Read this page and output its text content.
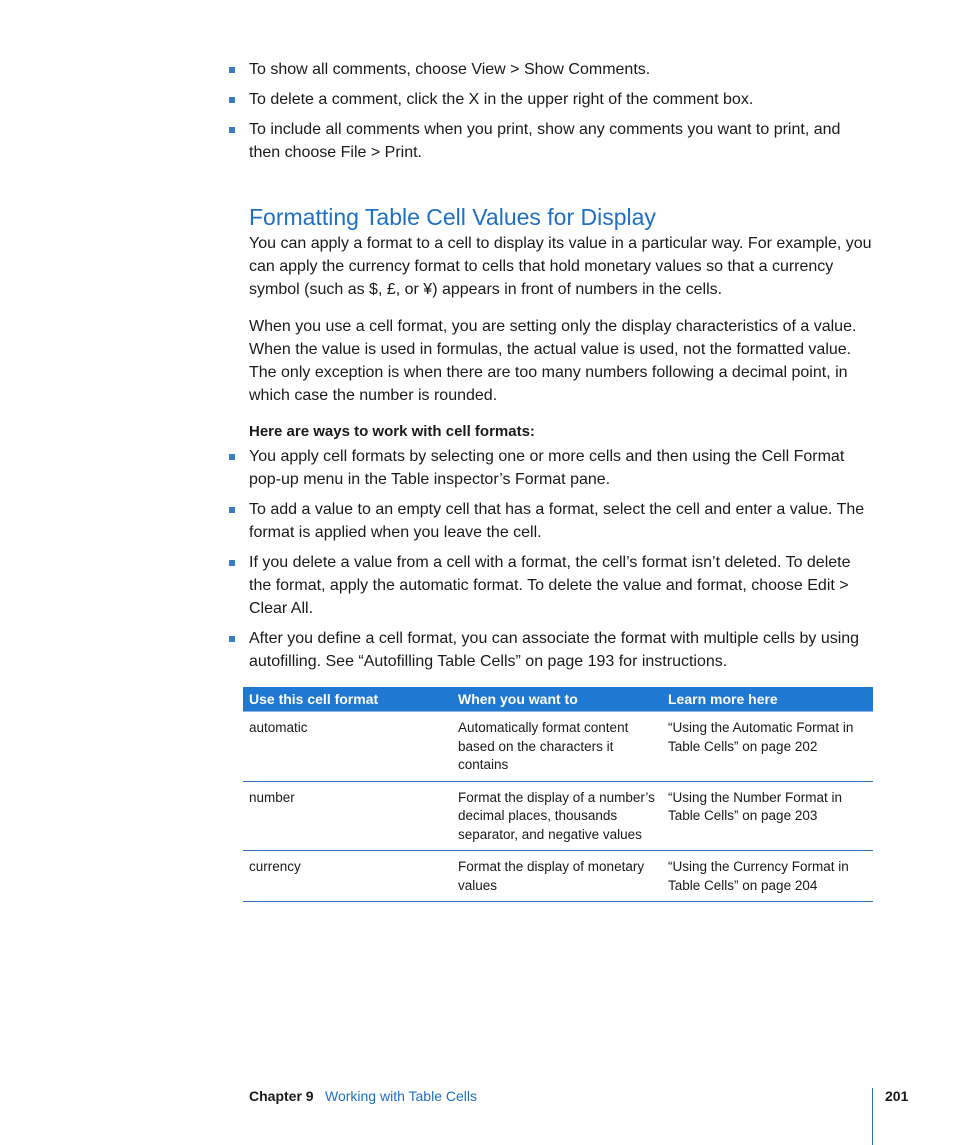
To show all comments, choose View > Show Comments.
To delete a comment, click the X in the upper right of the comment box.
To include all comments when you print, show any comments you want to print, and then choose File > Print.
Formatting Table Cell Values for Display

You can apply a format to a cell to display its value in a particular way. For example, you can apply the currency format to cells that hold monetary values so that a currency symbol (such as $, £, or ¥) appears in front of numbers in the cells.

When you use a cell format, you are setting only the display characteristics of a value. When the value is used in formulas, the actual value is used, not the formatted value. The only exception is when there are too many numbers following a decimal point, in which case the number is rounded.

Here are ways to work with cell formats:

You apply cell formats by selecting one or more cells and then using the Cell Format pop-up menu in the Table inspector’s Format pane.
To add a value to an empty cell that has a format, select the cell and enter a value. The format is applied when you leave the cell.
If you delete a value from a cell with a format, the cell’s format isn’t deleted. To delete the format, apply the automatic format. To delete the value and format, choose Edit > Clear All.
After you define a cell format, you can associate the format with multiple cells by using autofilling. See “Autofilling Table Cells” on page 193 for instructions.
Use this cell format	When you want to	Learn more here
automatic	Automatically format content based on the characters it contains	“Using the Automatic Format in Table Cells” on page 202
number	Format the display of a number’s decimal places, thousands separator, and negative values	“Using the Number Format in Table Cells” on page 203
currency	Format the display of monetary values	“Using the Currency Format in Table Cells” on page 204
Chapter 9 Working with Table Cells	201
